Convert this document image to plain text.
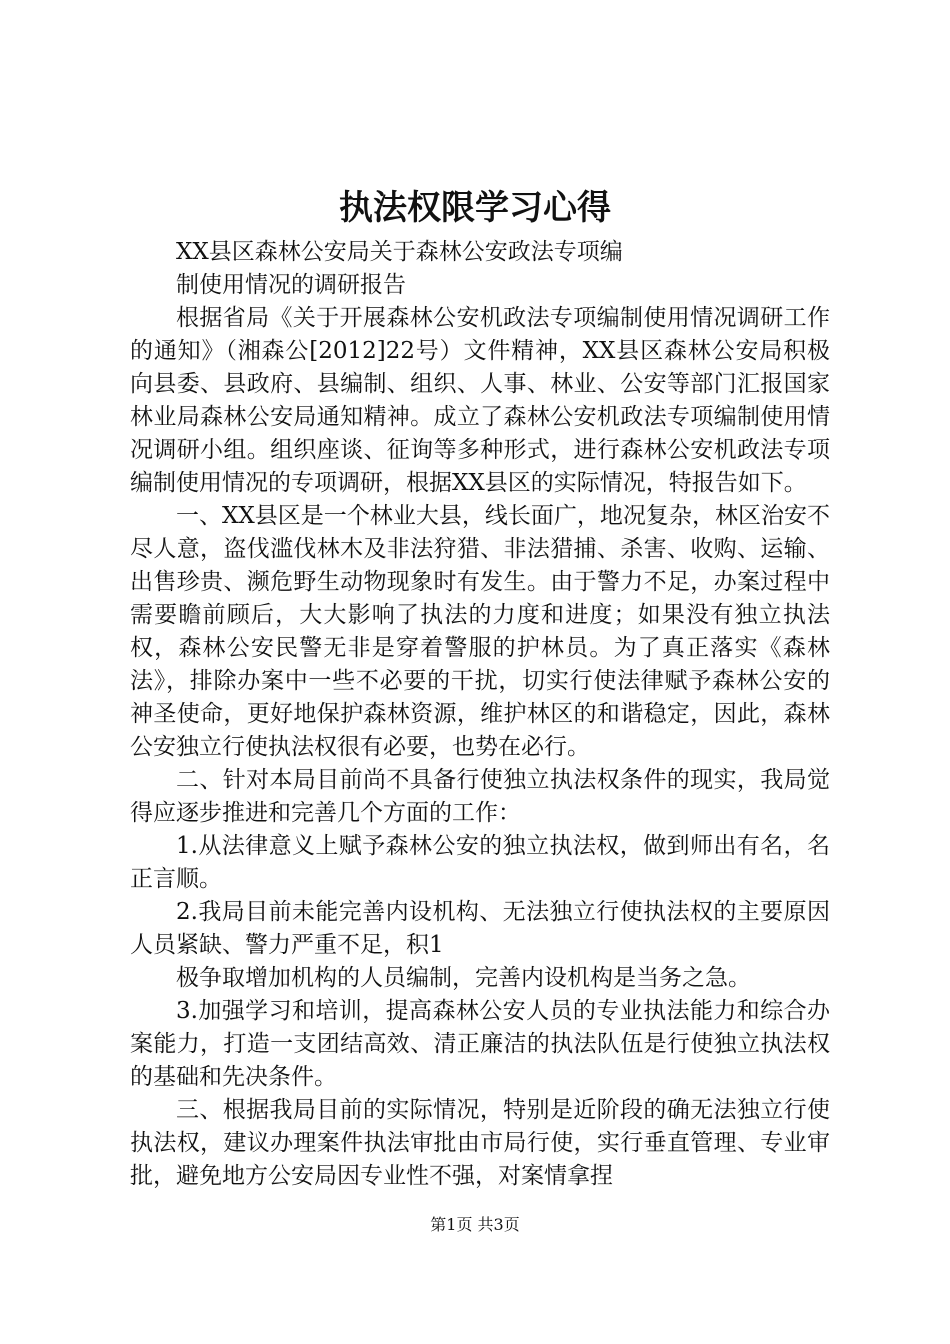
执法权限学习心得

XX县区森林公安局关于森林公安政法专项编

制使用情况的调研报告

根据省局《关于开展森林公安机政法专项编制使用情况调研工作的通知》（湘森公[2012]22号）文件精神，XX县区森林公安局积极向县委、县政府、县编制、组织、人事、林业、公安等部门汇报国家林业局森林公安局通知精神。成立了森林公安机政法专项编制使用情况调研小组。组织座谈、征询等多种形式，进行森林公安机政法专项编制使用情况的专项调研，根据XX县区的实际情况，特报告如下。

一、XX县区是一个林业大县，线长面广，地况复杂，林区治安不尽人意，盗伐滥伐林木及非法狩猎、非法猎捕、杀害、收购、运输、出售珍贵、濒危野生动物现象时有发生。由于警力不足，办案过程中需要瞻前顾后，大大影响了执法的力度和进度；如果没有独立执法权，森林公安民警无非是穿着警服的护林员。为了真正落实《森林法》，排除办案中一些不必要的干扰，切实行使法律赋予森林公安的神圣使命，更好地保护森林资源，维护林区的和谐稳定，因此，森林公安独立行使执法权很有必要，也势在必行。

二、针对本局目前尚不具备行使独立执法权条件的现实，我局觉得应逐步推进和完善几个方面的工作：

1.从法律意义上赋予森林公安的独立执法权，做到师出有名，名正言顺。

2.我局目前未能完善内设机构、无法独立行使执法权的主要原因人员紧缺、警力严重不足，积1

极争取增加机构的人员编制，完善内设机构是当务之急。

3.加强学习和培训，提高森林公安人员的专业执法能力和综合办案能力，打造一支团结高效、清正廉洁的执法队伍是行使独立执法权的基础和先决条件。

三、根据我局目前的实际情况，特别是近阶段的确无法独立行使执法权，建议办理案件执法审批由市局行使，实行垂直管理、专业审批，避免地方公安局因专业性不强，对案情拿捏

第1页 共3页
